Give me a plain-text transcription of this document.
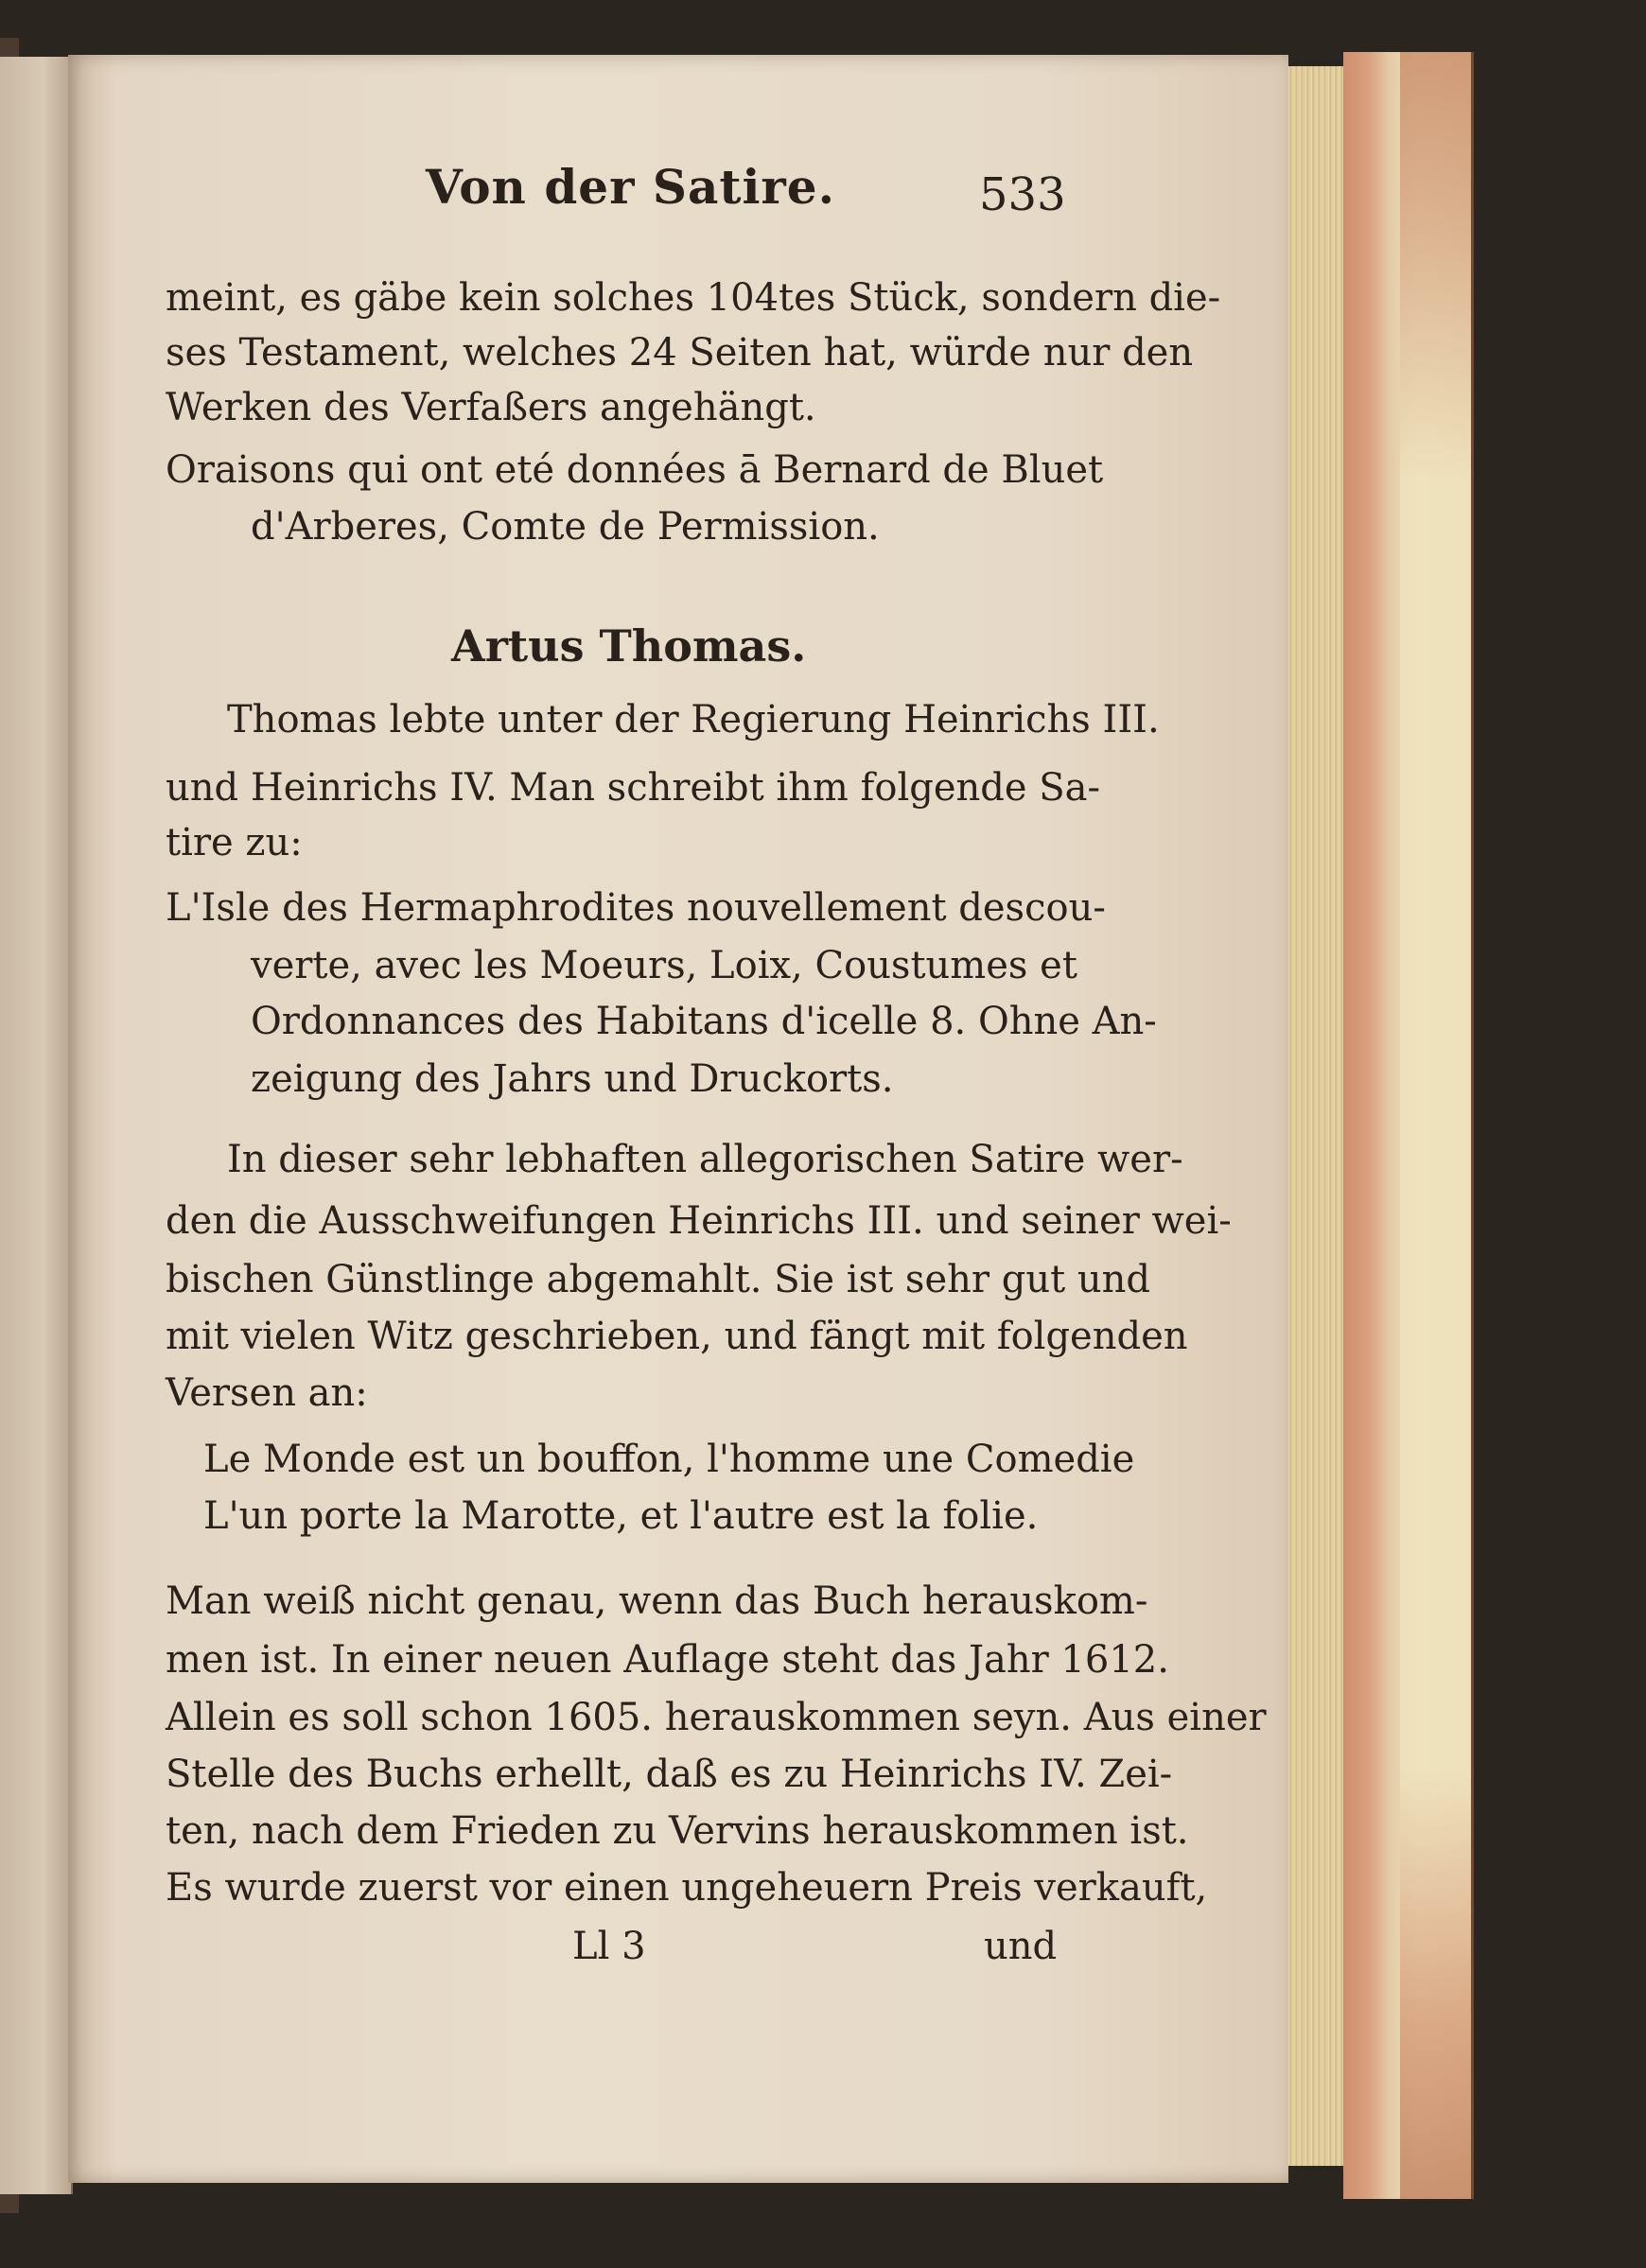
Von der Satire.	533
meint, es gäbe kein solches 104tes Stück, sondern die-
ses Testament, welches 24 Seiten hat, würde nur den
Werken des Verfaßers angehängt.
Oraisons qui ont eté données ā Bernard de Bluet
d'Arberes, Comte de Permission.
Artus Thomas.
Thomas lebte unter der Regierung Heinrichs III.
und Heinrichs IV. Man schreibt ihm folgende Sa-
tire zu:
L'Isle des Hermaphrodites nouvellement descou-
verte, avec les Moeurs, Loix, Coustumes et
Ordonnances des Habitans d'icelle 8. Ohne An-
zeigung des Jahrs und Druckorts.
In dieser sehr lebhaften allegorischen Satire wer-
den die Ausschweifungen Heinrichs III. und seiner wei-
bischen Günstlinge abgemahlt. Sie ist sehr gut und
mit vielen Witz geschrieben, und fängt mit folgenden
Versen an:
Le Monde est un bouffon, l'homme une Comedie
L'un porte la Marotte, et l'autre est la folie.
Man weiß nicht genau, wenn das Buch herauskom-
men ist. In einer neuen Auflage steht das Jahr 1612.
Allein es soll schon 1605. herauskommen seyn. Aus einer
Stelle des Buchs erhellt, daß es zu Heinrichs IV. Zei-
ten, nach dem Frieden zu Vervins herauskommen ist.
Es wurde zuerst vor einen ungeheuern Preis verkauft,
Ll 3	und
